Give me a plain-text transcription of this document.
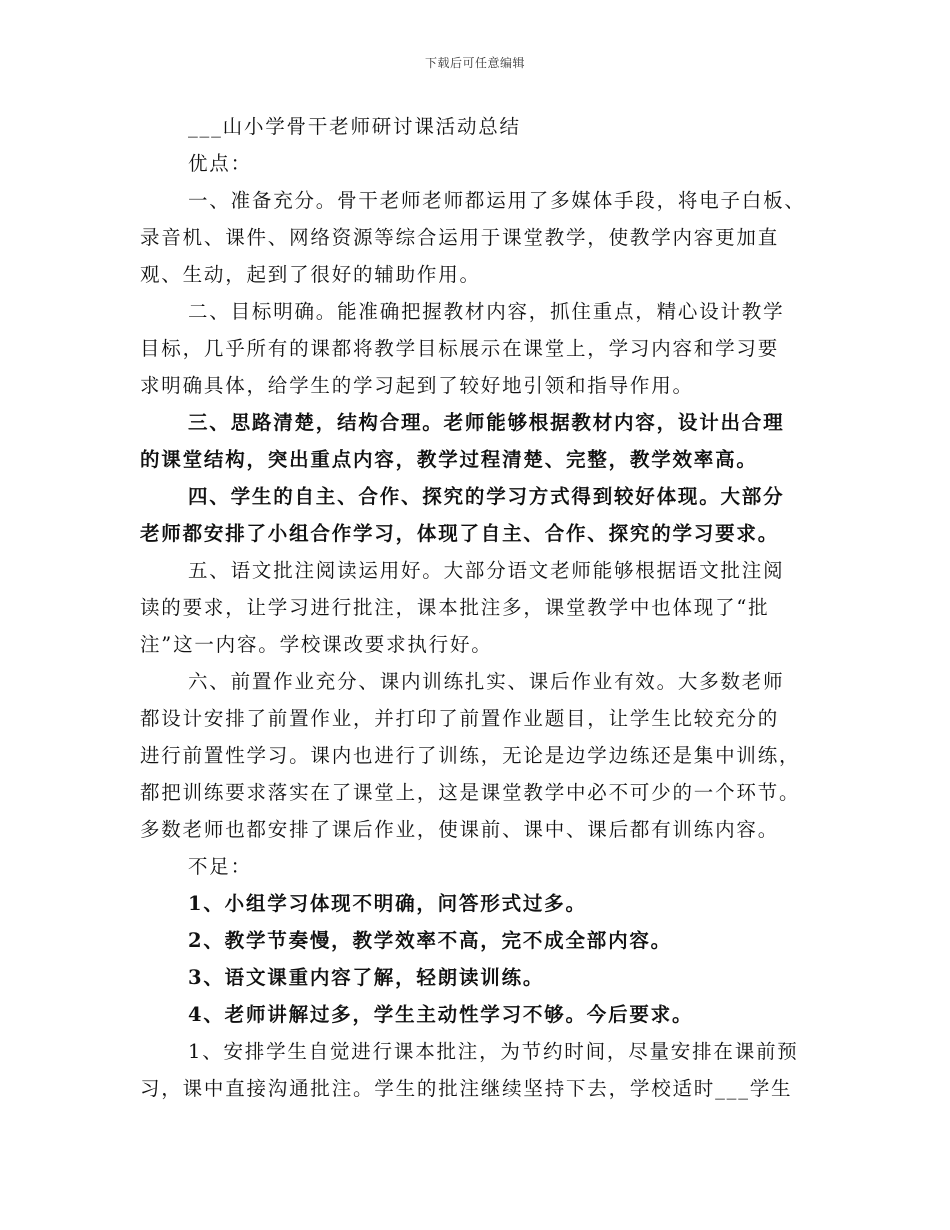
下载后可任意编辑

___山小学骨干老师研讨课活动总结

优点：

一、准备充分。骨干老师老师都运用了多媒体手段，将电子白板、

录音机、课件、网络资源等综合运用于课堂教学，使教学内容更加直

观、生动，起到了很好的辅助作用。

二、目标明确。能准确把握教材内容，抓住重点，精心设计教学

目标，几乎所有的课都将教学目标展示在课堂上，学习内容和学习要

求明确具体，给学生的学习起到了较好地引领和指导作用。

三、思路清楚，结构合理。老师能够根据教材内容，设计出合理

的课堂结构，突出重点内容，教学过程清楚、完整，教学效率高。

四、学生的自主、合作、探究的学习方式得到较好体现。大部分

老师都安排了小组合作学习，体现了自主、合作、探究的学习要求。

五、语文批注阅读运用好。大部分语文老师能够根据语文批注阅

读的要求，让学习进行批注，课本批注多，课堂教学中也体现了“批

注”这一内容。学校课改要求执行好。

六、前置作业充分、课内训练扎实、课后作业有效。大多数老师

都设计安排了前置作业，并打印了前置作业题目，让学生比较充分的

进行前置性学习。课内也进行了训练，无论是边学边练还是集中训练，

都把训练要求落实在了课堂上，这是课堂教学中必不可少的一个环节。

多数老师也都安排了课后作业，使课前、课中、课后都有训练内容。

不足：

1、小组学习体现不明确，问答形式过多。

2、教学节奏慢，教学效率不高，完不成全部内容。

3、语文课重内容了解，轻朗读训练。

4、老师讲解过多，学生主动性学习不够。今后要求。

1、安排学生自觉进行课本批注，为节约时间，尽量安排在课前预

习，课中直接沟通批注。学生的批注继续坚持下去，学校适时___学生
